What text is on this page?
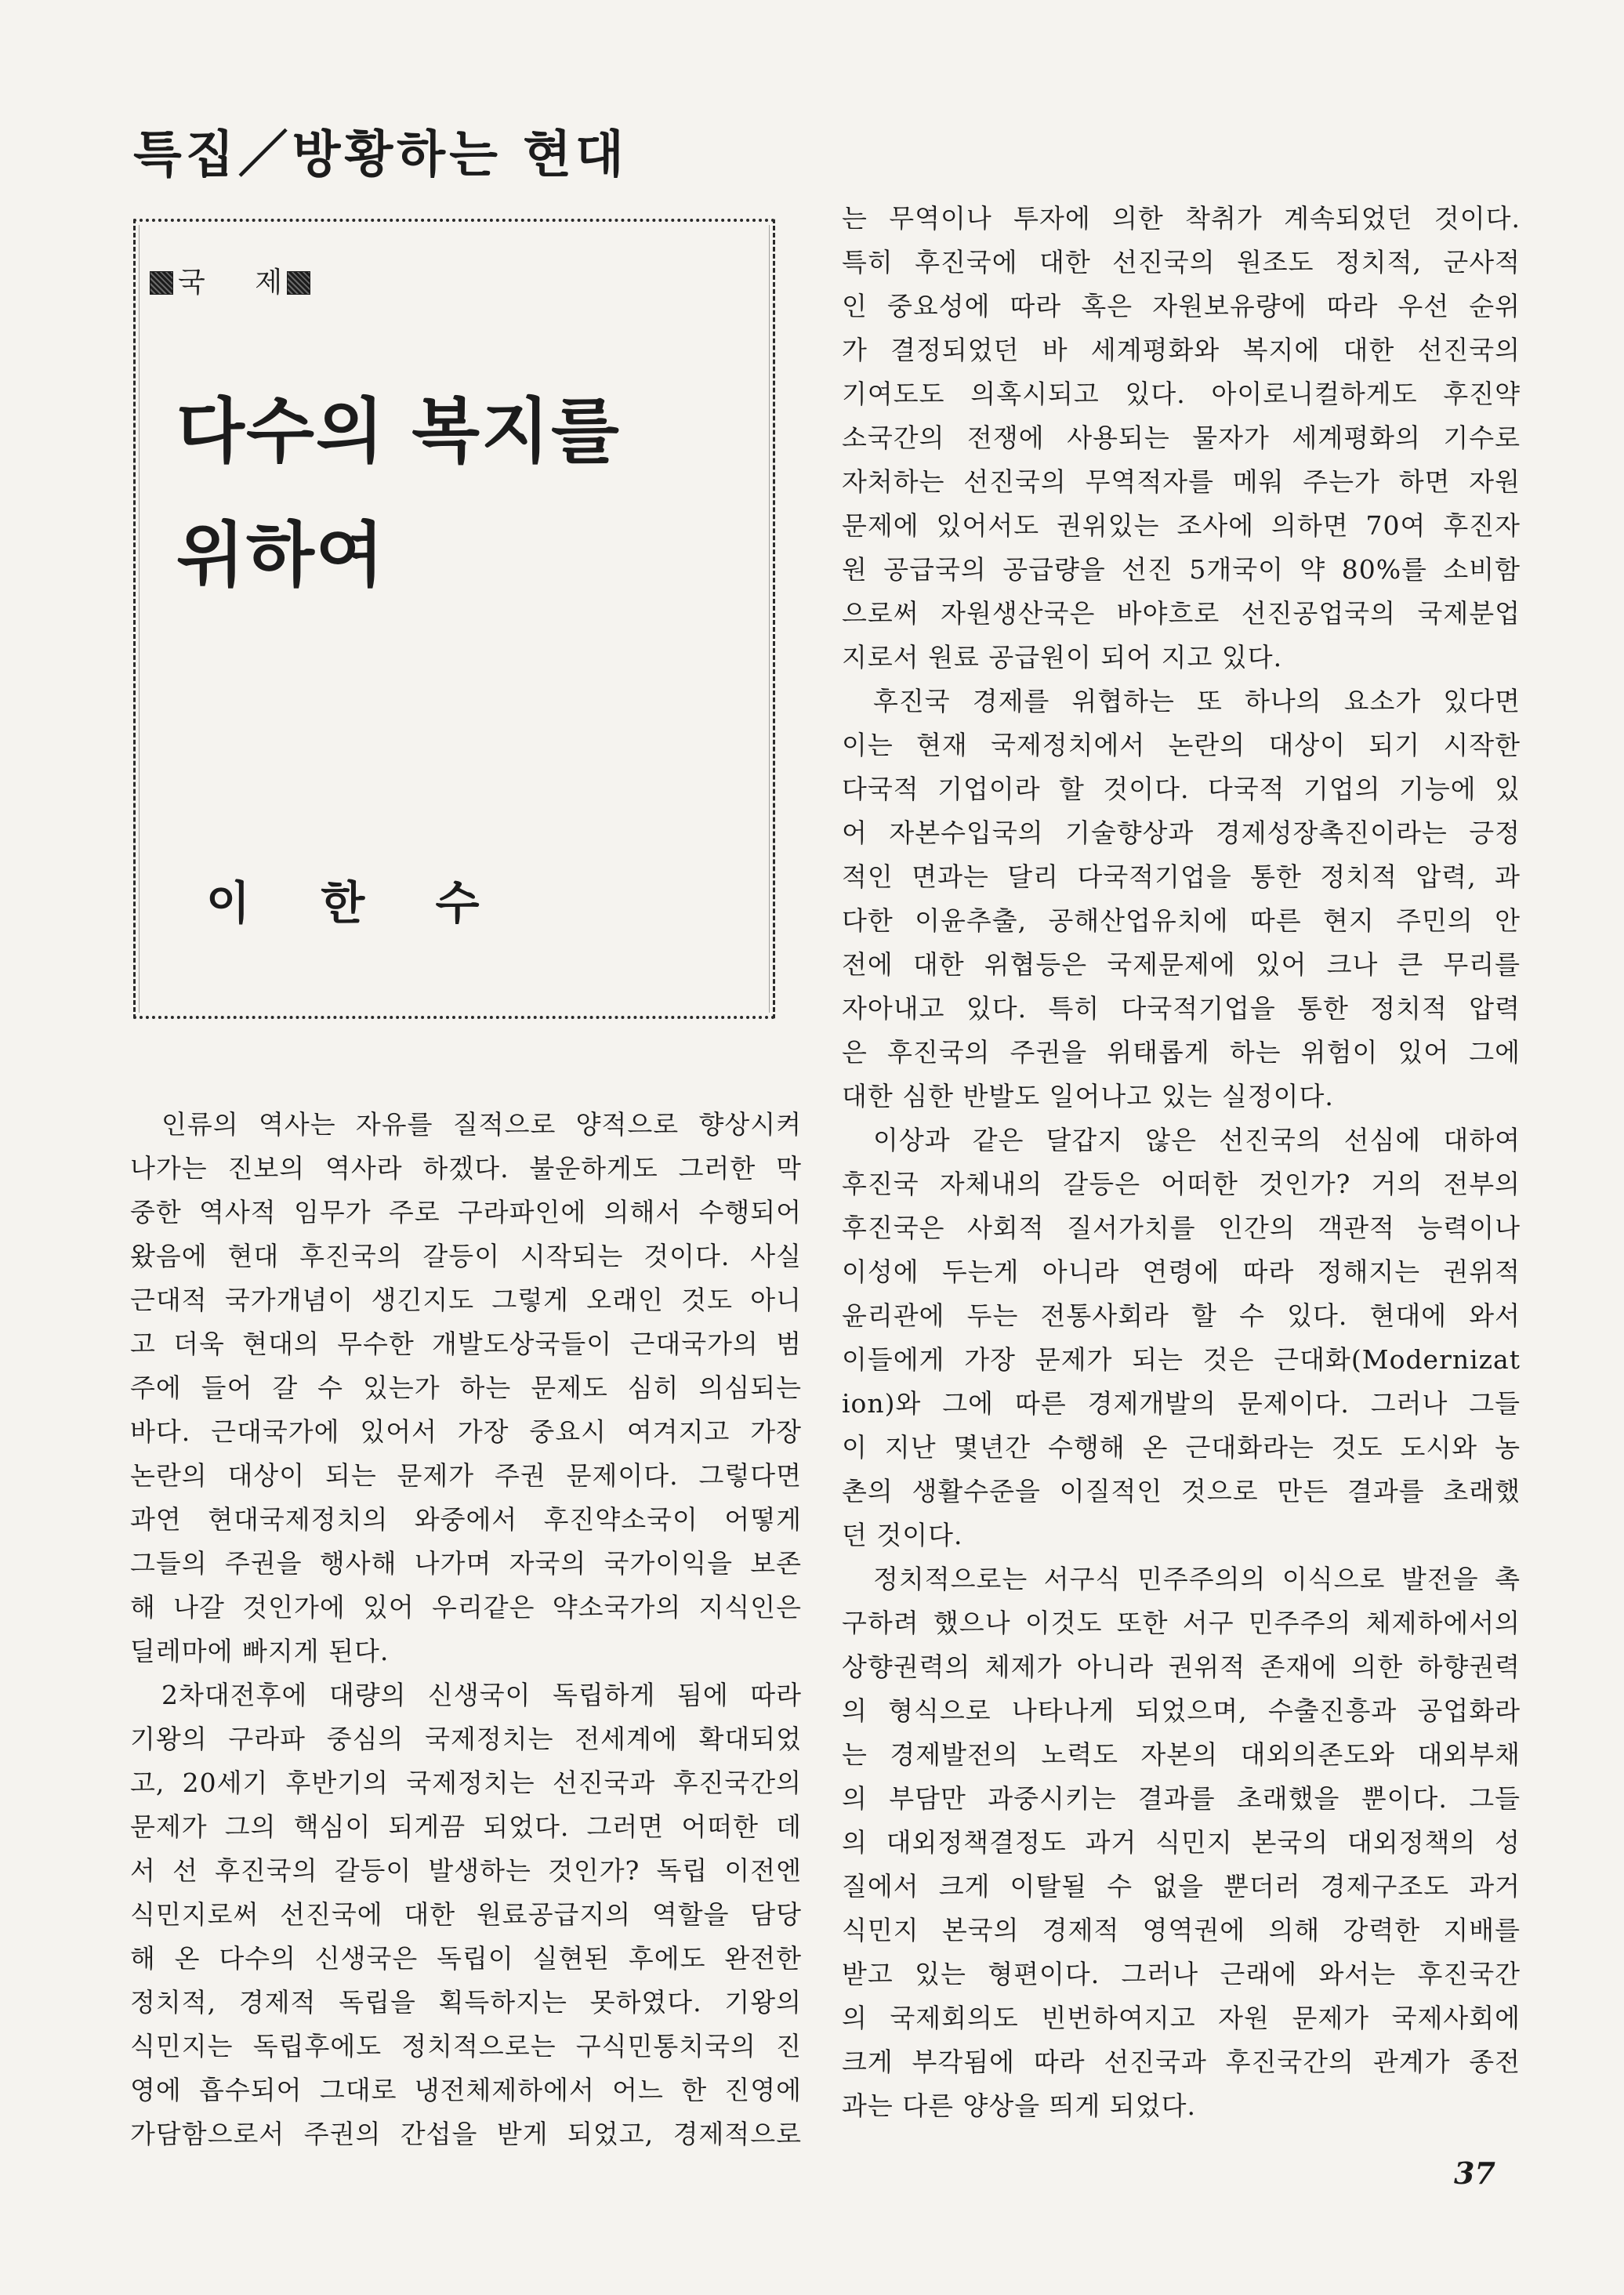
특집／방황하는 현대
국 제
다수의 복지를
위하여
이 한 수
인류의 역사는 자유를 질적으로 양적으로 향상시켜
나가는 진보의 역사라 하겠다. 불운하게도 그러한 막
중한 역사적 임무가 주로 구라파인에 의해서 수행되어
왔음에 현대 후진국의 갈등이 시작되는 것이다. 사실
근대적 국가개념이 생긴지도 그렇게 오래인 것도 아니
고 더욱 현대의 무수한 개발도상국들이 근대국가의 범
주에 들어 갈 수 있는가 하는 문제도 심히 의심되는
바다. 근대국가에 있어서 가장 중요시 여겨지고 가장
논란의 대상이 되는 문제가 주권 문제이다. 그렇다면
과연 현대국제정치의 와중에서 후진약소국이 어떻게
그들의 주권을 행사해 나가며 자국의 국가이익을 보존
해 나갈 것인가에 있어 우리같은 약소국가의 지식인은
딜레마에 빠지게 된다.
2차대전후에 대량의 신생국이 독립하게 됨에 따라
기왕의 구라파 중심의 국제정치는 전세계에 확대되었
고, 20세기 후반기의 국제정치는 선진국과 후진국간의
문제가 그의 핵심이 되게끔 되었다. 그러면 어떠한 데
서 선 후진국의 갈등이 발생하는 것인가? 독립 이전엔
식민지로써 선진국에 대한 원료공급지의 역할을 담당
해 온 다수의 신생국은 독립이 실현된 후에도 완전한
정치적, 경제적 독립을 획득하지는 못하였다. 기왕의
식민지는 독립후에도 정치적으로는 구식민통치국의 진
영에 흡수되어 그대로 냉전체제하에서 어느 한 진영에
가담함으로서 주권의 간섭을 받게 되었고, 경제적으로
는 무역이나 투자에 의한 착취가 계속되었던 것이다.
특히 후진국에 대한 선진국의 원조도 정치적, 군사적
인 중요성에 따라 혹은 자원보유량에 따라 우선 순위
가 결정되었던 바 세계평화와 복지에 대한 선진국의
기여도도 의혹시되고 있다. 아이로니컬하게도 후진약
소국간의 전쟁에 사용되는 물자가 세계평화의 기수로
자처하는 선진국의 무역적자를 메워 주는가 하면 자원
문제에 있어서도 권위있는 조사에 의하면 70여 후진자
원 공급국의 공급량을 선진 5개국이 약 80%를 소비함
으로써 자원생산국은 바야흐로 선진공업국의 국제분업
지로서 원료 공급원이 되어 지고 있다.
후진국 경제를 위협하는 또 하나의 요소가 있다면
이는 현재 국제정치에서 논란의 대상이 되기 시작한
다국적 기업이라 할 것이다. 다국적 기업의 기능에 있
어 자본수입국의 기술향상과 경제성장촉진이라는 긍정
적인 면과는 달리 다국적기업을 통한 정치적 압력, 과
다한 이윤추출, 공해산업유치에 따른 현지 주민의 안
전에 대한 위협등은 국제문제에 있어 크나 큰 무리를
자아내고 있다. 특히 다국적기업을 통한 정치적 압력
은 후진국의 주권을 위태롭게 하는 위험이 있어 그에
대한 심한 반발도 일어나고 있는 실정이다.
이상과 같은 달갑지 않은 선진국의 선심에 대하여
후진국 자체내의 갈등은 어떠한 것인가? 거의 전부의
후진국은 사회적 질서가치를 인간의 객관적 능력이나
이성에 두는게 아니라 연령에 따라 정해지는 권위적
윤리관에 두는 전통사회라 할 수 있다. 현대에 와서
이들에게 가장 문제가 되는 것은 근대화(Modernizat
ion)와 그에 따른 경제개발의 문제이다. 그러나 그들
이 지난 몇년간 수행해 온 근대화라는 것도 도시와 농
촌의 생활수준을 이질적인 것으로 만든 결과를 초래했
던 것이다.
정치적으로는 서구식 민주주의의 이식으로 발전을 촉
구하려 했으나 이것도 또한 서구 민주주의 체제하에서의
상향권력의 체제가 아니라 권위적 존재에 의한 하향권력
의 형식으로 나타나게 되었으며, 수출진흥과 공업화라
는 경제발전의 노력도 자본의 대외의존도와 대외부채
의 부담만 과중시키는 결과를 초래했을 뿐이다. 그들
의 대외정책결정도 과거 식민지 본국의 대외정책의 성
질에서 크게 이탈될 수 없을 뿐더러 경제구조도 과거
식민지 본국의 경제적 영역권에 의해 강력한 지배를
받고 있는 형편이다. 그러나 근래에 와서는 후진국간
의 국제회의도 빈번하여지고 자원 문제가 국제사회에
크게 부각됨에 따라 선진국과 후진국간의 관계가 종전
과는 다른 양상을 띄게 되었다.
37
